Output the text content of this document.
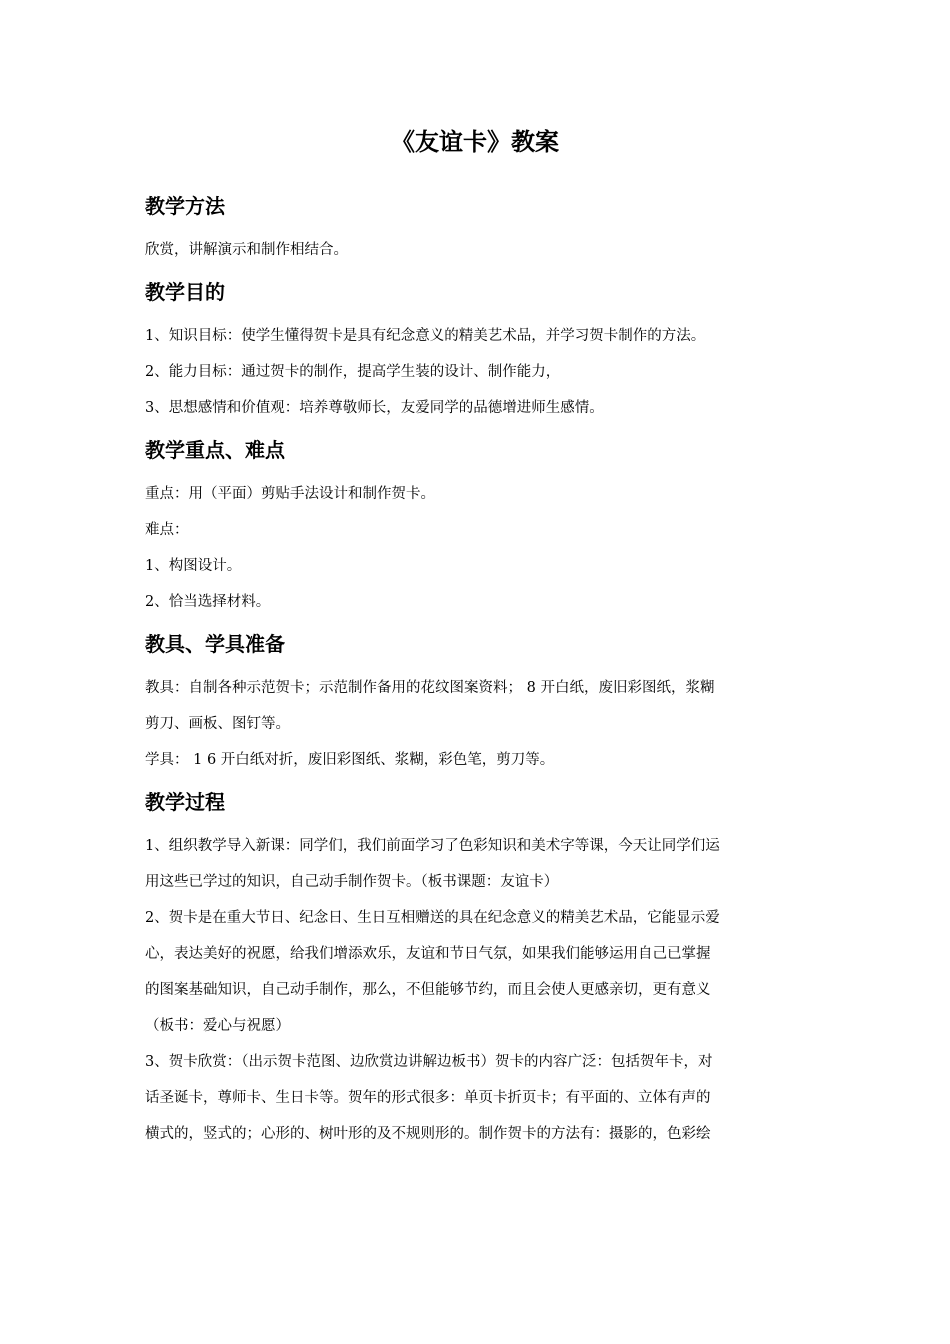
《友谊卡》教案
教学方法

欣赏，讲解演示和制作相结合。

教学目的

1、知识目标：使学生懂得贺卡是具有纪念意义的精美艺术品，并学习贺卡制作的方法。

2、能力目标：通过贺卡的制作，提高学生装的设计、制作能力，

3、思想感情和价值观：培养尊敬师长，友爱同学的品德增进师生感情。

教学重点、难点

重点：用（平面）剪贴手法设计和制作贺卡。

难点：

1、构图设计。

2、恰当选择材料。

教具、学具准备

教具：自制各种示范贺卡；示范制作备用的花纹图案资料； 8 开白纸，废旧彩图纸，浆糊

剪刀、画板、图钉等。

学具： 1 6 开白纸对折，废旧彩图纸、浆糊，彩色笔，剪刀等。

教学过程

1、组织教学导入新课：同学们，我们前面学习了色彩知识和美术字等课，今天让同学们运

用这些已学过的知识，自己动手制作贺卡。（板书课题：友谊卡）

2、贺卡是在重大节日、纪念日、生日互相赠送的具在纪念意义的精美艺术品，它能显示爱

心，表达美好的祝愿，给我们增添欢乐，友谊和节日气氛，如果我们能够运用自己已掌握

的图案基础知识，自己动手制作，那么，不但能够节约，而且会使人更感亲切，更有意义

（板书：爱心与祝愿）

3、贺卡欣赏：（出示贺卡范图、边欣赏边讲解边板书）贺卡的内容广泛：包括贺年卡，对

话圣诞卡，尊师卡、生日卡等。贺年的形式很多：单页卡折页卡；有平面的、立体有声的

横式的，竖式的；心形的、树叶形的及不规则形的。制作贺卡的方法有：摄影的，色彩绘
